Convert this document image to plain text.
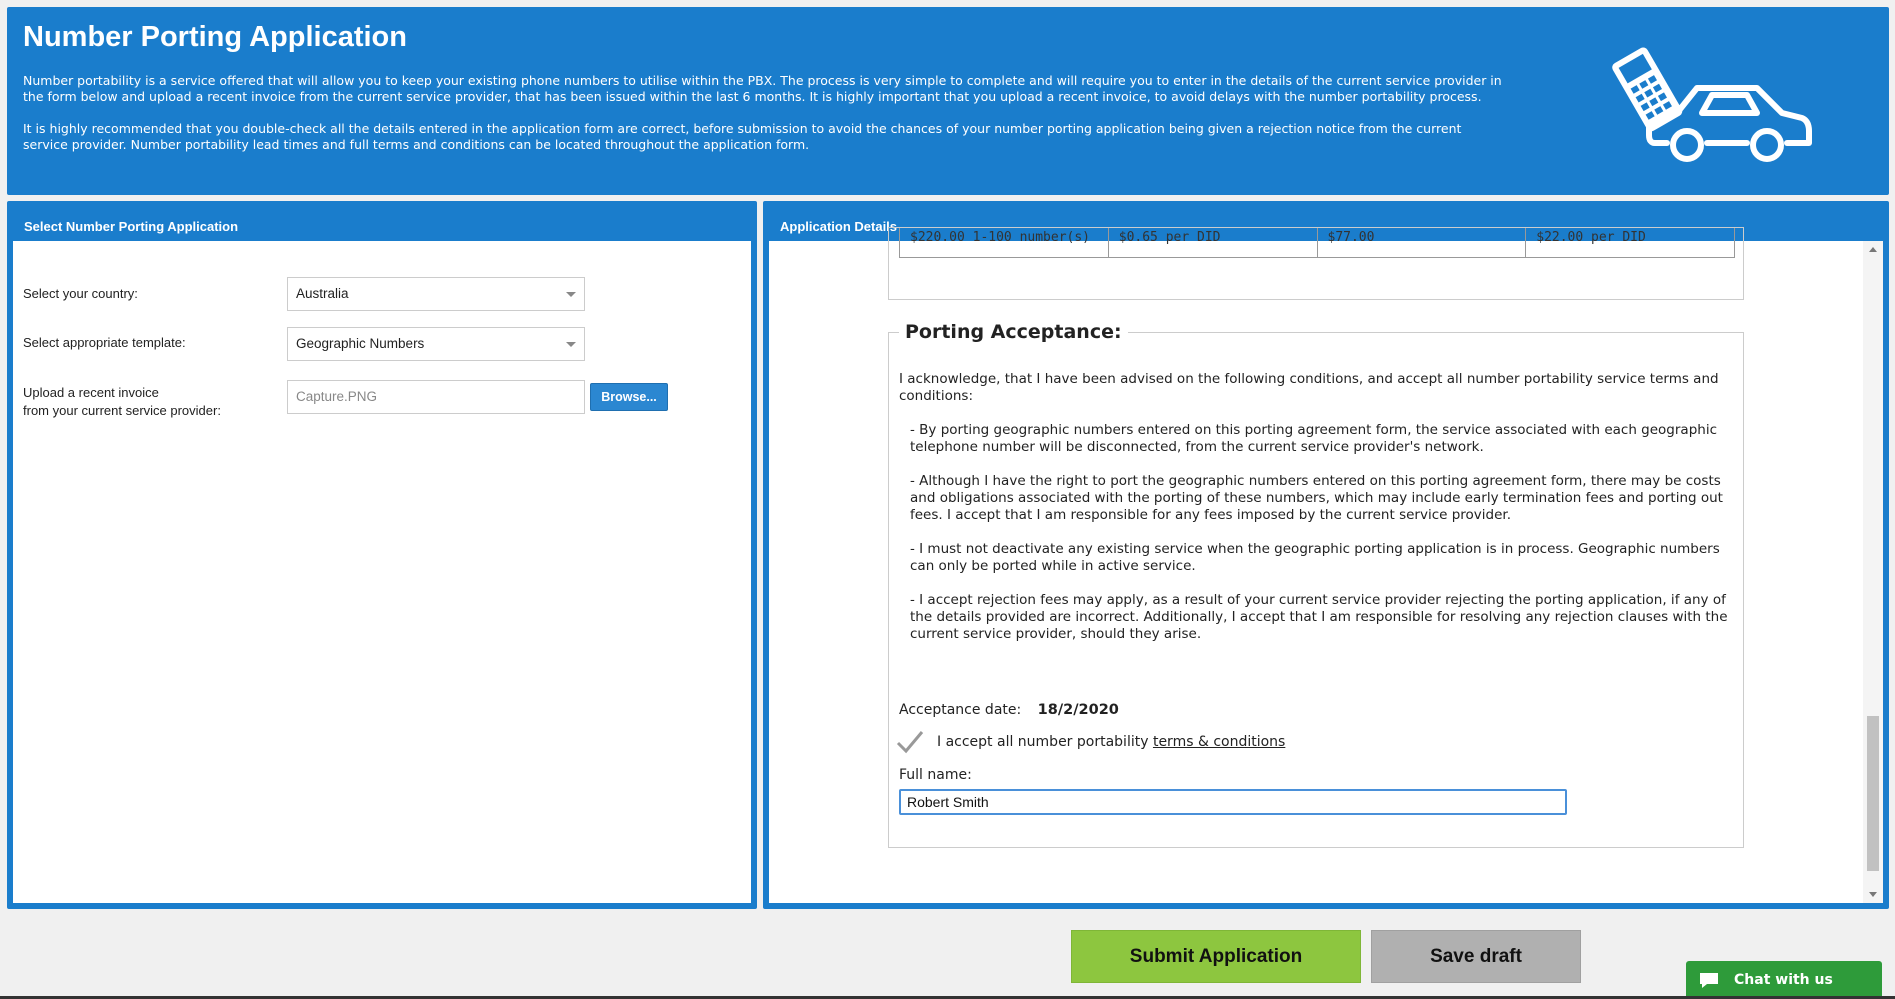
Number Porting Application

Number portability is a service offered that will allow you to keep your existing phone numbers to utilise within the PBX. The process is very simple to complete and will require you to enter in the details of the current service provider in the form below and upload a recent invoice from the current service provider, that has been issued within the last 6 months. It is highly important that you upload a recent invoice, to avoid delays with the number portability process.

It is highly recommended that you double-check all the details entered in the application form are correct, before submission to avoid the chances of your number porting application being given a rejection notice from the current service provider. Number portability lead times and full terms and conditions can be located throughout the application form.

Select Number Porting Application
Select your country:	Australia
Select appropriate template:	Geographic Numbers
Upload a recent invoice
from your current service provider:
Capture.PNG	Browse...
Application Details
$220.00 1-100 number(s)	$0.65 per DID	$77.00	$22.00 per DID
Porting Acceptance:

I acknowledge, that I have been advised on the following conditions, and accept all number portability service terms and conditions:

- By porting geographic numbers entered on this porting agreement form, the service associated with each geographic telephone number will be disconnected, from the current service provider's network.

- Although I have the right to port the geographic numbers entered on this porting agreement form, there may be costs and obligations associated with the porting of these numbers, which may include early termination fees and porting out fees. I accept that I am responsible for any fees imposed by the current service provider.

- I must not deactivate any existing service when the geographic porting application is in process. Geographic numbers can only be ported while in active service.

- I accept rejection fees may apply, as a result of your current service provider rejecting the porting application, if any of the details provided are incorrect. Additionally, I accept that I am responsible for resolving any rejection clauses with the current service provider, should they arise.

Acceptance date: 18/2/2020
I accept all number portability
terms & conditions
Full name:
Robert Smith
Submit Application	Save draft
Chat with us
